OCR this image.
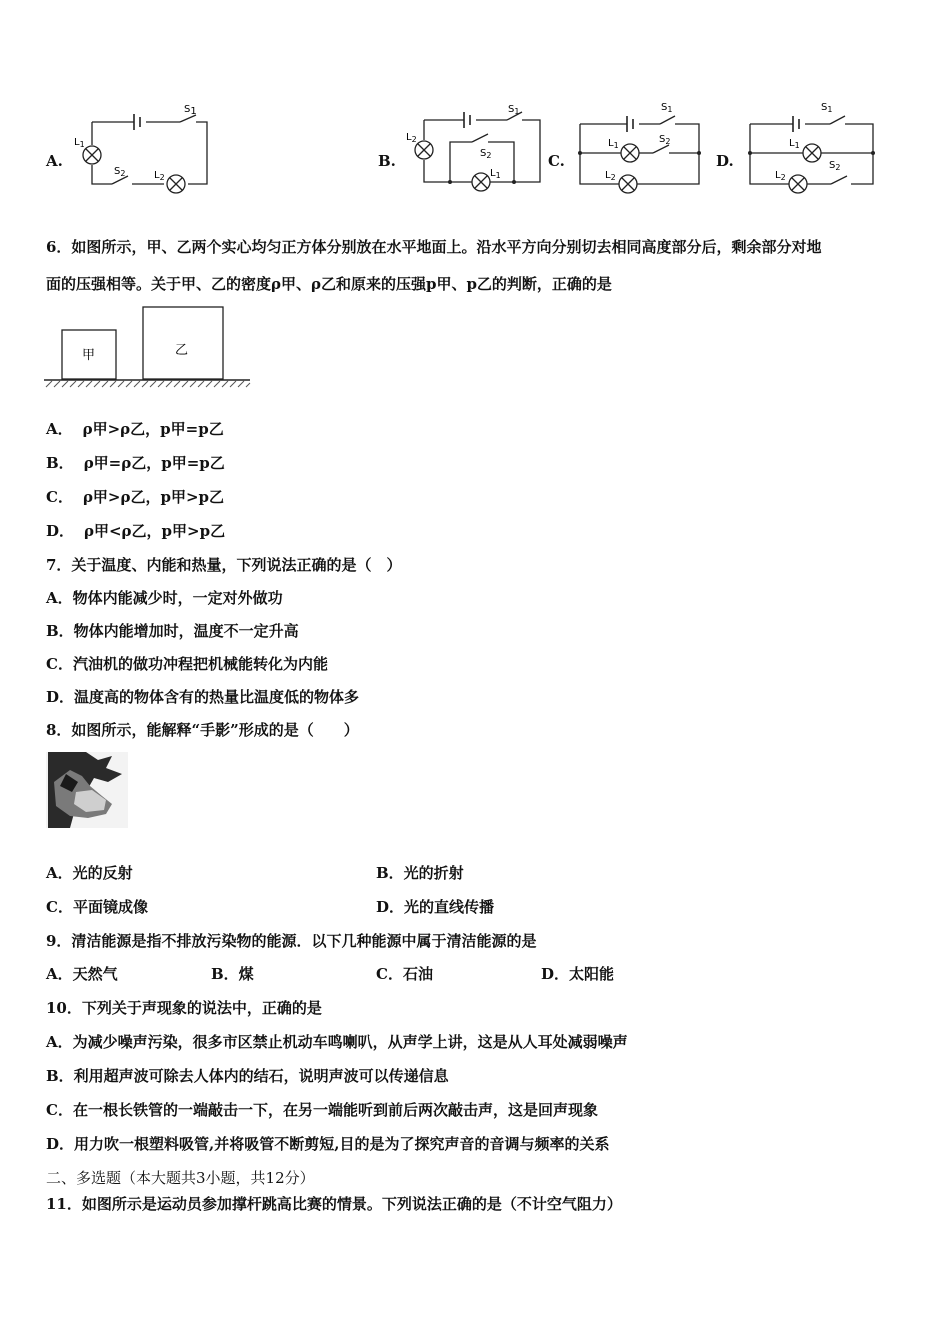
A.
S1
$S_2$
$L_1$
$L_2$
B.
$S_1$
$S_2$
$L_2$
$L_1$
C.
$S_1$
$S_2$
$L_1$
$L_2$
D.
$S_1$
$S_2$
$L_1$
$L_2$
6．如图所示，甲、乙两个实心均匀正方体分别放在水平地面上。沿水平方向分别切去相同高度部分后，剩余部分对地
面的压强相等。关于甲、乙的密度ρ甲、ρ乙和原来的压强p甲、p乙的判断，正确的是
甲	乙
A． ρ甲>ρ乙，p甲=p乙
B． ρ甲=ρ乙，p甲=p乙
C． ρ甲>ρ乙，p甲>p乙
D． ρ甲<ρ乙，p甲>p乙
7．关于温度、内能和热量，下列说法正确的是（　）
A．物体内能减少时，一定对外做功
B．物体内能增加时，温度不一定升高
C．汽油机的做功冲程把机械能转化为内能
D．温度高的物体含有的热量比温度低的物体多
8．如图所示，能解释“手影”形成的是（　　）
A．光的反射	B．光的折射
C．平面镜成像	D．光的直线传播
9．清洁能源是指不排放污染物的能源．以下几种能源中属于清洁能源的是
A．天然气	B．煤	C．石油	D．太阳能
10．下列关于声现象的说法中，正确的是
A．为减少噪声污染，很多市区禁止机动车鸣喇叭，从声学上讲，这是从人耳处减弱噪声
B．利用超声波可除去人体内的结石，说明声波可以传递信息
C．在一根长铁管的一端敲击一下，在另一端能听到前后两次敲击声，这是回声现象
D．用力吹一根塑料吸管,并将吸管不断剪短,目的是为了探究声音的音调与频率的关系
二、多选题（本大题共3小题，共12分）
11．如图所示是运动员参加撑杆跳高比赛的情景。下列说法正确的是（不计空气阻力）
